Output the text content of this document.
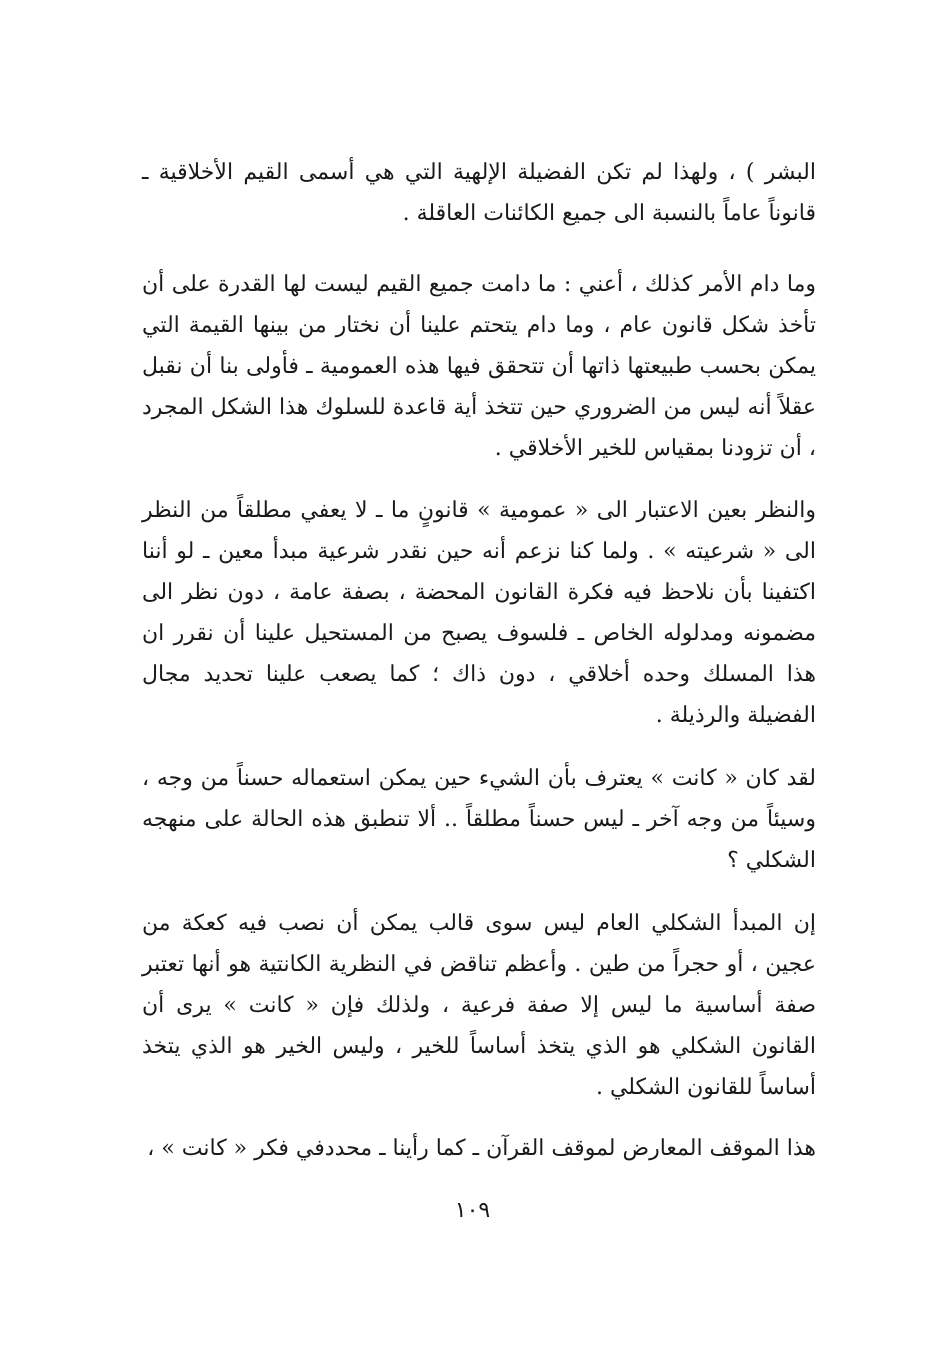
البشر ) ، ولهذا لم تكن الفضيلة الإلهية التي هي أسمى القيم الأخلاقية ـ قانوناً عاماً بالنسبة الى جميع الكائنات العاقلة .

وما دام الأمر كذلك ، أعني : ما دامت جميع القيم ليست لها القدرة على أن تأخذ شكل قانون عام ، وما دام يتحتم علينا أن نختار من بينها القيمة التي يمكن بحسب طبيعتها ذاتها أن تتحقق فيها هذه العمومية ـ فأولى بنا أن نقبل عقلاً أنه ليس من الضروري حين تتخذ أية قاعدة للسلوك هذا الشكل المجرد ، أن تزودنا بمقياس للخير الأخلاقي .

والنظر بعين الاعتبار الى « عمومية » قانونٍ ما ـ لا يعفي مطلقاً من النظر الى « شرعيته » . ولما كنا نزعم أنه حين نقدر شرعية مبدأ معين ـ لو أننا اكتفينا بأن نلاحظ فيه فكرة القانون المحضة ، بصفة عامة ، دون نظر الى مضمونه ومدلوله الخاص ـ فلسوف يصبح من المستحيل علينا أن نقرر ان هذا المسلك وحده أخلاقي ، دون ذاك ؛ كما يصعب علينا تحديد مجال الفضيلة والرذيلة .

لقد كان « كانت » يعترف بأن الشيء حين يمكن استعماله حسناً من وجه ، وسيئاً من وجه آخر ـ ليس حسناً مطلقاً .. ألا تنطبق هذه الحالة على منهجه الشكلي ؟

إن المبدأ الشكلي العام ليس سوى قالب يمكن أن نصب فيه كعكة من عجين ، أو حجراً من طين . وأعظم تناقض في النظرية الكانتية هو أنها تعتبر صفة أساسية ما ليس إلا صفة فرعية ، ولذلك فإن « كانت » يرى أن القانون الشكلي هو الذي يتخذ أساساً للخير ، وليس الخير هو الذي يتخذ أساساً للقانون الشكلي .

هذا الموقف المعارض لموقف القرآن ـ كما رأينا ـ محددفي فكر « كانت » ،

١٠٩
